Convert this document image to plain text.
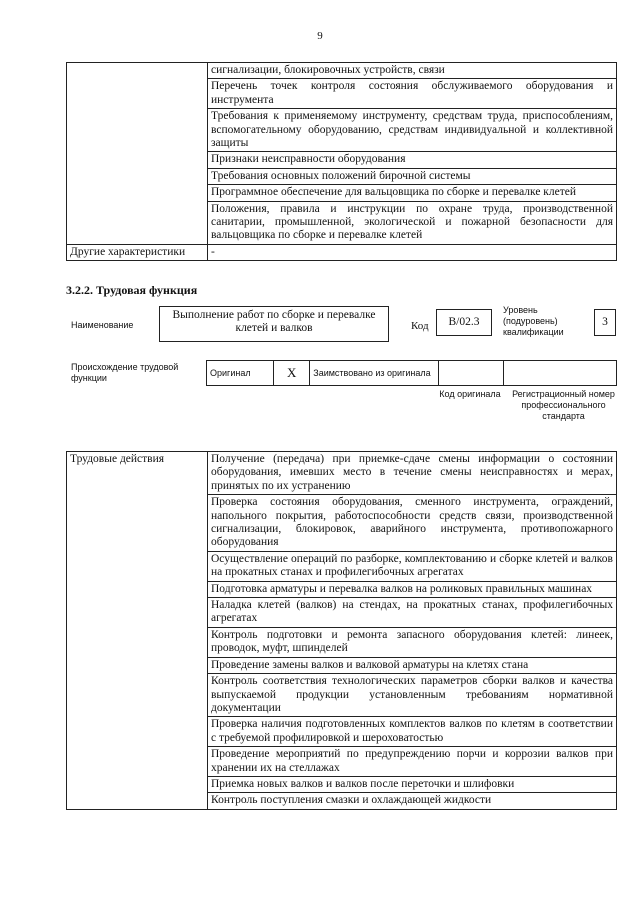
9
	сигнализации, блокировочных устройств, связи
	Перечень точек контроля состояния обслуживаемого оборудования и инструмента
	Требования к применяемому инструменту, средствам труда, приспособлениям, вспомогательному оборудованию, средствам индивидуальной и коллективной защиты
	Признаки неисправности оборудования
	Требования основных положений бирочной системы
	Программное обеспечение для вальцовщика по сборке и перевалке клетей
	Положения, правила и инструкции по охране труда, производственной санитарии, промышленной, экологической и пожарной безопасности для вальцовщика по сборке и перевалке клетей
Другие характеристики	-
3.2.2. Трудовая функция
Наименование
Выполнение работ по сборке и перевалке клетей и валков	Код	B/02.3
Уровень (подуровень) квалификации
3
Происхождение трудовой функции
Оригинал	X	Заимствовано из оригинала		
Код оригинала	Регистрационный номер профессионального стандарта
Трудовые действия	Получение (передача) при приемке-сдаче смены информации о состоянии оборудования, имевших место в течение смены неисправностях и мерах, принятых по их устранению
Проверка состояния оборудования, сменного инструмента, ограждений, напольного покрытия, работоспособности средств связи, производственной сигнализации, блокировок, аварийного инструмента, противопожарного оборудования
Осуществление операций по разборке, комплектованию и сборке клетей и валков на прокатных станах и профилегибочных агрегатах
Подготовка арматуры и перевалка валков на роликовых правильных машинах
Наладка клетей (валков) на стендах, на прокатных станах, профилегибочных агрегатах
Контроль подготовки и ремонта запасного оборудования клетей: линеек, проводок, муфт, шпинделей
Проведение замены валков и валковой арматуры на клетях стана
Контроль соответствия технологических параметров сборки валков и качества выпускаемой продукции установленным требованиям нормативной документации
Проверка наличия подготовленных комплектов валков по клетям в соответствии с требуемой профилировкой и шероховатостью
Проведение мероприятий по предупреждению порчи и коррозии валков при хранении их на стеллажах
Приемка новых валков и валков после переточки и шлифовки
Контроль поступления смазки и охлаждающей жидкости
